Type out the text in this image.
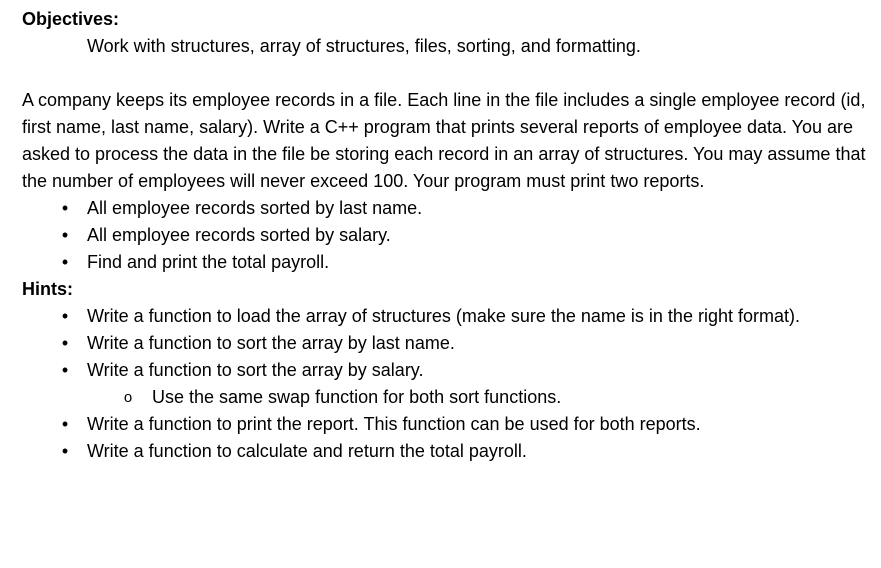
Objectives:

Work with structures, array of structures, files, sorting, and formatting.

A company keeps its employee records in a file. Each line in the file includes a single employee record (id, first name, last name, salary). Write a C++ program that prints several reports of employee data. You are asked to process the data in the file be storing each record in an array of structures. You may assume that the number of employees will never exceed 100. Your program must print two reports.

• All employee records sorted by last name.
• All employee records sorted by salary.
• Find and print the total payroll.

Hints:

• Write a function to load the array of structures (make sure the name is in the right format).
• Write a function to sort the array by last name.
• Write a function to sort the array by salary.
o Use the same swap function for both sort functions.
• Write a function to print the report. This function can be used for both reports.
• Write a function to calculate and return the total payroll.
